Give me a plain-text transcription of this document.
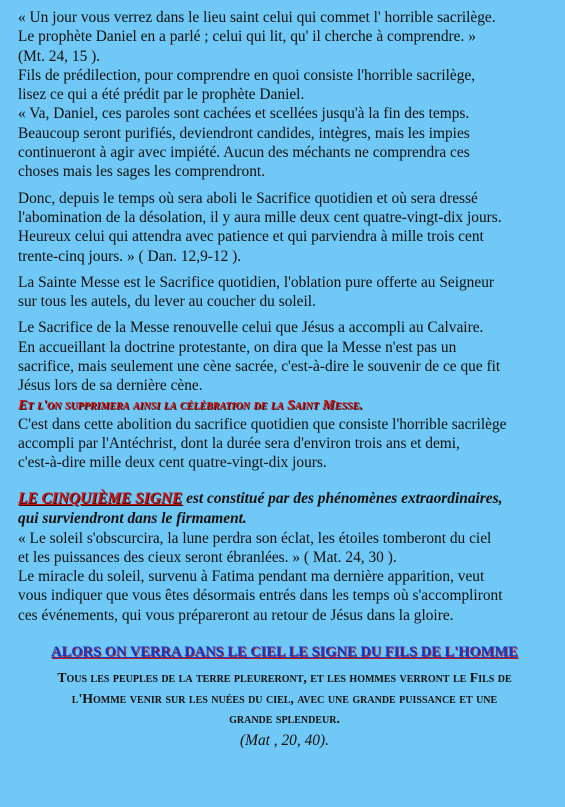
« Un jour vous verrez dans le lieu saint celui qui commet l' horrible sacrilège.

Le prophète Daniel en a parlé ; celui qui lit, qu' il cherche à comprendre. »

(Mt. 24, 15 ).

Fils de prédilection, pour comprendre en quoi consiste l'horrible sacrilège,

lisez ce qui a été prédit par le prophète Daniel.

« Va, Daniel, ces paroles sont cachées et scellées jusqu'à la fin des temps.

Beaucoup seront purifiés, deviendront candides, intègres, mais les impies

continueront à agir avec impiété. Aucun des méchants ne comprendra ces

choses mais les sages les comprendront.

Donc, depuis le temps où sera aboli le Sacrifice quotidien et où sera dressé

l'abomination de la désolation, il y aura mille deux cent quatre-vingt-dix jours.

Heureux celui qui attendra avec patience et qui parviendra à mille trois cent

trente-cinq jours. » ( Dan. 12,9-12 ).

La Sainte Messe est le Sacrifice quotidien, l'oblation pure offerte au Seigneur

sur tous les autels, du lever au coucher du soleil.

Le Sacrifice de la Messe renouvelle celui que Jésus a accompli au Calvaire.

En accueillant la doctrine protestante, on dira que la Messe n'est pas un

sacrifice, mais seulement une cène sacrée, c'est-à-dire le souvenir de ce que fit

Jésus lors de sa dernière cène.

Et l'on supprimera ainsi la célébration de la Saint Messe.

C'est dans cette abolition du sacrifice quotidien que consiste l'horrible sacrilège

accompli par l'Antéchrist, dont la durée sera d'environ trois ans et demi,

c'est-à-dire mille deux cent quatre-vingt-dix jours.

LE CINQUIÈME SIGNE est constitué par des phénomènes extraordinaires,

qui surviendront dans le firmament.

« Le soleil s'obscurcira, la lune perdra son éclat, les étoiles tomberont du ciel

et les puissances des cieux seront ébranlées. » ( Mat. 24, 30 ).

Le miracle du soleil, survenu à Fatima pendant ma dernière apparition, veut

vous indiquer que vous êtes désormais entrés dans les temps où s'accompliront

ces événements, qui vous prépareront au retour de Jésus dans la gloire.

ALORS ON VERRA DANS LE CIEL LE SIGNE DU FILS DE L'HOMME

Tous les peuples de la terre pleureront, et les hommes verront le Fils de
l'Homme venir sur les nuées du ciel, avec une grande puissance et une
grande splendeur.

(Mat , 20, 40).
